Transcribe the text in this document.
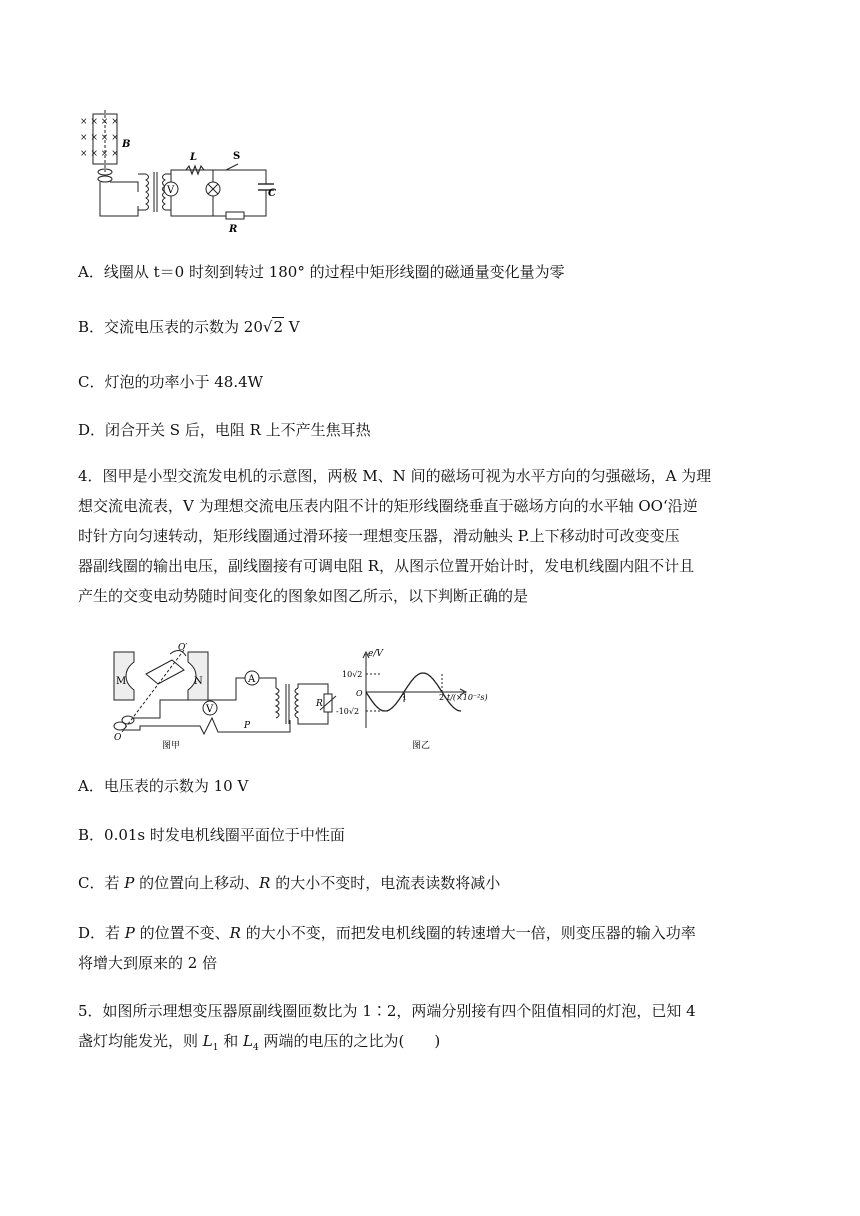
× × × ×
× × × ×
× × × ×
V
B
L	S
C
R
A．线圈从 t＝0 时刻到转过 180° 的过程中矩形线圈的磁通量变化量为零
B．交流电压表的示数为 20√2 V
C．灯泡的功率小于 48.4W
D．闭合开关 S 后，电阻 R 上不产生焦耳热
4．图甲是小型交流发电机的示意图，两极 M、N 间的磁场可视为水平方向的匀强磁场，A 为理
想交流电流表，V 为理想交流电压表内阻不计的矩形线圈绕垂直于磁场方向的水平轴 OO‘沿逆
时针方向匀速转动，矩形线圈通过滑环接一理想变压器，滑动触头 P.上下移动时可改变变压
器副线圈的输出电压，副线圈接有可调电阻 R，从图示位置开始计时，发电机线圈内阻不计且
产生的交变电动势随时间变化的图象如图乙所示，以下判断正确的是
A
V
M	N
O′
O
R
P
图甲
e/V
10√2
O
-10√2
1	2 t/(×10⁻²s)
图乙
A．电压表的示数为 10 V
B．0.01s 时发电机线圈平面位于中性面
C．若 P 的位置向上移动、R 的大小不变时，电流表读数将减小
D．若 P 的位置不变、R 的大小不变，而把发电机线圈的转速增大一倍，则变压器的输入功率
将增大到原来的 2 倍
5．如图所示理想变压器原副线圈匝数比为 1∶2，两端分别接有四个阻值相同的灯泡，已知 4
盏灯均能发光，则 $L_1$ 和 $L_4$ 两端的电压的之比为(　　)
